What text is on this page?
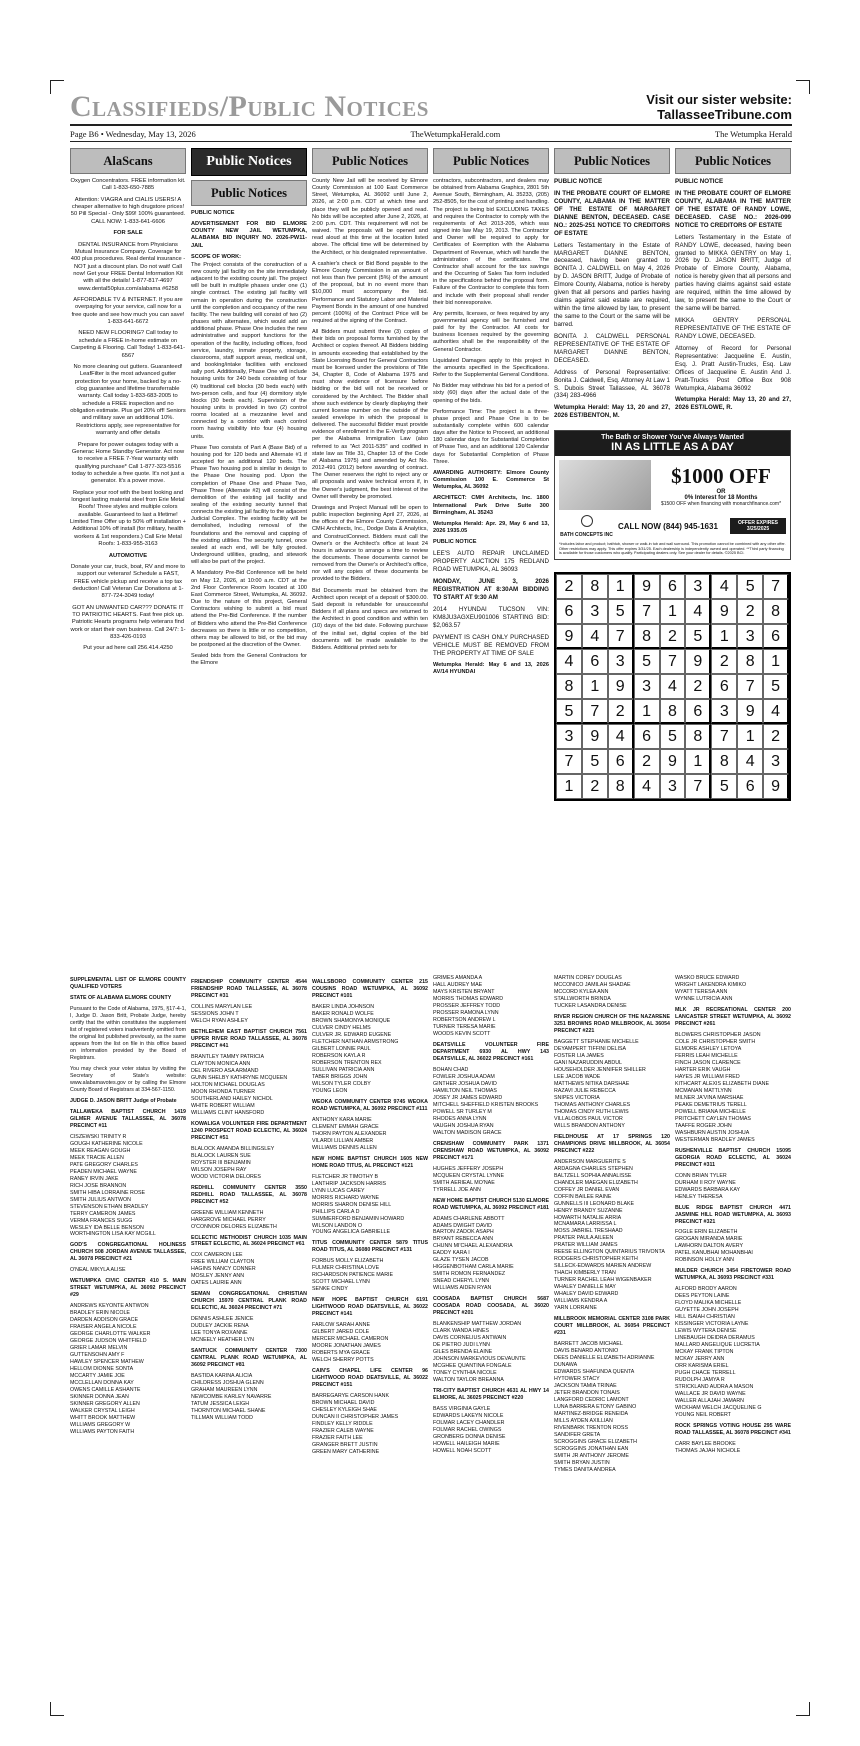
Classifieds/Public Notices	Visit our sister website:
TallasseeTribune.com
Page B6 • Wednesday, May 13, 2026	TheWetumpkaHerald.com	The Wetumpka Herald
AlaScans

Oxygen Concentrators. FREE information kit. Call 1-833-650-7885

Attention: VIAGRA and CIALIS USERS! A cheaper alternative to high drugstore prices! 50 Pill Special - Only $99! 100% guaranteed. CALL NOW: 1-833-641-6606

FOR SALE

DENTAL INSURANCE from Physicians Mutual Insurance Company. Coverage for 400 plus procedures. Real dental insurance - NOT just a discount plan. Do not wait! Call now! Get your FREE Dental Information Kit with all the details! 1-877-817-4697 www.dental50plus.com/alabama #6258

AFFORDABLE TV & INTERNET. If you are overpaying for your service, call now for a free quote and see how much you can save! 1-833-641-6672

NEED NEW FLOORING? Call today to schedule a FREE in-home estimate on Carpeting & Flooring. Call Today! 1-833-641-6567

No more cleaning out gutters. Guaranteed! LeafFilter is the most advanced gutter protection for your home, backed by a no-clog guarantee and lifetime transferrable warranty. Call today 1-833-683-2005 to schedule a FREE inspection and no obligation estimate. Plus get 20% off! Seniors and military save an additional 10%. Restrictions apply, see representative for warranty and offer details

Prepare for power outages today with a Generac Home Standby Generator. Act now to receive a FREE 7-Year warranty with qualifying purchase* Call 1-877-323-5516 today to schedule a free quote. It's not just a generator. It's a power move.

Replace your roof with the best looking and longest lasting material steel from Erie Metal Roofs! Three styles and multiple colors available. Guaranteed to last a lifetime! Limited Time Offer up to 50% off installation + Additional 10% off install (for military, health workers & 1st responders.) Call Erie Metal Roofs: 1-833-955-3163

AUTOMOTIVE

Donate your car, truck, boat, RV and more to support our veterans! Schedule a FAST, FREE vehicle pickup and receive a top tax deduction! Call Veteran Car Donations at 1-877-724-3049 today!

GOT AN UNWANTED CAR??? DONATE IT TO PATRIOTIC HEARTS. Fast free pick up. Patriotic Hearts programs help veterans find work or start their own business. Call 24/7: 1-833-426-0193

Put your ad here call 256.414.4250

Public Notices
Public Notices

PUBLIC NOTICE

ADVERTISEMENT FOR BID ELMORE COUNTY NEW JAIL WETUMPKA, ALABAMA BID INQUIRY NO. 2026-PW11-JAIL

SCOPE OF WORK:

The Project consists of the construction of a new county jail facility on the site immediately adjacent to the existing county jail. The project will be built in multiple phases under one (1) single contract. The existing jail facility will remain in operation during the construction until the completion and occupancy of the new facility. The new building will consist of two (2) phases with alternates, which would add an additional phase. Phase One includes the new administrative and support functions for the operation of the facility, including offices, food service, laundry, inmate property, storage, classrooms, staff support areas, medical unit, and booking/intake facilities with enclosed sally port. Additionally, Phase One will include housing units for 240 beds consisting of four (4) traditional cell blocks (30 beds each) with two-person cells, and four (4) dormitory style blocks (30 beds each). Supervision of the housing units is provided in two (2) control rooms located at a mezzanine level and connected by a corridor with each control room having visibility into four (4) housing units.

Phase Two consists of Part A (Base Bid) of a housing pod for 120 beds and Alternate #1 if accepted for an additional 120 beds. The Phase Two housing pod is similar in design to the Phase One housing pod. Upon the completion of Phase One and Phase Two, Phase Three (Alternate #2) will consist of the demolition of the existing jail facility and sealing of the existing security tunnel that connects the existing jail facility to the adjacent Judicial Complex. The existing facility will be demolished, including removal of the foundations and the removal and capping of the existing utilities. The security tunnel, once sealed at each end, will be fully grouted. Underground utilities, grading, and sitework will also be part of the project.

A Mandatory Pre-Bid Conference will be held on May 12, 2026, at 10:00 a.m. CDT at the 2nd Floor Conference Room located at 100 East Commerce Street, Wetumpka, AL 36092. Due to the nature of this project, General Contractors wishing to submit a bid must attend the Pre-Bid Conference. If the number of Bidders who attend the Pre-Bid Conference decreases so there is little or no competition, others may be allowed to bid, or the bid may be postponed at the discretion of the Owner.

Sealed bids from the General Contractors for the Elmore

Public Notices

County New Jail will be received by Elmore County Commission at 100 East Commerce Street, Wetumpka, AL 36092 until June 2, 2026, at 2:00 p.m. CDT at which time and place they will be publicly opened and read. No bids will be accepted after June 2, 2026, at 2:00 p.m. CDT. This requirement will not be waived. The proposals will be opened and read aloud at this time at the location listed above. The official time will be determined by the Architect, or his designated representative.

A cashier's check or Bid Bond payable to the Elmore County Commission in an amount of not less than five percent (5%) of the amount of the proposal, but in no event more than $10,000 must accompany the bid. Performance and Statutory Labor and Material Payment Bonds in the amount of one hundred percent (100%) of the Contract Price will be required at the signing of the Contract.

All Bidders must submit three (3) copies of their bids on proposal forms furnished by the Architect or copies thereof. All Bidders bidding in amounts exceeding that established by the State Licensing Board for General Contractors must be licensed under the provisions of Title 34, Chapter 8, Code of Alabama 1975 and must show evidence of licensure before bidding or the bid will not be received or considered by the Architect. The Bidder shall show such evidence by clearly displaying their current license number on the outside of the sealed envelope in which the proposal is delivered. The successful Bidder must provide evidence of enrollment in the E-Verify program per the Alabama Immigration Law (also referred to as "Act 2011-535" and codified in state law as Title 31, Chapter 13 of the Code of Alabama 1975) and amended by Act No. 2012-491 (2012) before awarding of contract. The Owner reserves the right to reject any or all proposals and waive technical errors if, in the Owner's judgment, the best interest of the Owner will thereby be promoted.

Drawings and Project Manual will be open to public inspection beginning April 27, 2026, at the offices of the Elmore County Commission, CMH Architects, Inc., Dodge Data & Analytics, and ConstructConnect. Bidders must call the Owner's or the Architect's office at least 24 hours in advance to arrange a time to review the documents. These documents cannot be removed from the Owner's or Architect's office, nor will any copies of these documents be provided to the Bidders.

Bid Documents must be obtained from the Architect upon receipt of a deposit of $300.00. Said deposit is refundable for unsuccessful Bidders if all plans and specs are returned to the Architect in good condition and within ten (10) days of the bid date. Following purchase of the initial set, digital copies of the bid documents will be made available to the Bidders. Additional printed sets for

Public Notices

contractors, subcontractors, and dealers may be obtained from Alabama Graphics, 2801 5th Avenue South, Birmingham, AL 35233, (205) 252-8505, for the cost of printing and handling. The project is being bid EXCLUDING TAXES and requires the Contractor to comply with the requirements of Act 2013-205, which was signed into law May 19, 2013. The Contractor and Owner will be required to apply for Certificates of Exemption with the Alabama Department of Revenue, which will handle the administration of the certificates. The Contractor shall account for the tax savings and the Occurring of Sales Tax form included in the specifications behind the proposal form. Failure of the Contractor to complete this form and include with their proposal shall render their bid nonresponsive.

Any permits, licenses, or fees required by any governmental agency will be furnished and paid for by the Contractor. All costs for business licenses required by the governing authorities shall be the responsibility of the General Contractor.

Liquidated Damages apply to this project in the amounts specified in the Specifications. Refer to the Supplemental General Conditions.

No Bidder may withdraw his bid for a period of sixty (60) days after the actual date of the opening of the bids.

Performance Time: The project is a three-phase project and Phase One is to be substantially complete within 600 calendar days after the Notice to Proceed, an additional 180 calendar days for Substantial Completion of Phase Two, and an additional 120 Calendar days for Substantial Completion of Phase Three.

AWARDING AUTHORITY: Elmore County Commission 100 E. Commerce St Wetumpka, AL 36092

ARCHITECT: CMH Architects, Inc. 1800 International Park Drive Suite 300 Birmingham, AL 35243

Wetumpka Herald: Apr. 29, May 6 and 13, 2026 1935.05

PUBLIC NOTICE

LEE'S AUTO REPAIR UNCLAIMED PROPERTY AUCTION 175 REDLAND ROAD WETUMPKA, AL 36093

MONDAY, JUNE 3, 2026 REGISTRATION AT 8:30AM BIDDING TO START AT 9:30 AM

2014 HYUNDAI TUCSON VIN: KM8JU3AGXEU901006 STARTING BID: $2,063.57

PAYMENT IS CASH ONLY PURCHASED VEHICLE MUST BE REMOVED FROM THE PROPERTY AT TIME OF SALE

Wetumpka Herald: May 6 and 13, 2026 AV/14 HYUNDAI

Public Notices

PUBLIC NOTICE

IN THE PROBATE COURT OF ELMORE COUNTY, ALABAMA IN THE MATTER OF THE ESTATE OF MARGARET DIANNE BENTON, DECEASED. CASE NO.: 2025-251 NOTICE TO CREDITORS OF ESTATE

Letters Testamentary in the Estate of MARGARET DIANNE BENTON, deceased, having been granted to BONITA J. CALDWELL on May 4, 2026 by D. JASON BRITT, Judge of Probate of Elmore County, Alabama, notice is hereby given that all persons and parties having claims against said estate are required, within the time allowed by law, to present the same to the Court or the same will be barred.

BONITA J. CALDWELL PERSONAL REPRESENTATIVE OF THE ESTATE OF MARGARET DIANNE BENTON, DECEASED.

Address of Personal Representative: Bonita J. Caldwell, Esq. Attorney At Law 1 S. Dubois Street Tallassee, AL 36078 (334) 283-4966

Wetumpka Herald: May 13, 20 and 27, 2026 EST/BENTON, M.

Public Notices

PUBLIC NOTICE

IN THE PROBATE COURT OF ELMORE COUNTY, ALABAMA IN THE MATTER OF THE ESTATE OF RANDY LOWE, DECEASED. CASE NO.: 2026-099 NOTICE TO CREDITORS OF ESTATE

Letters Testamentary in the Estate of RANDY LOWE, deceased, having been granted to MIKKA GENTRY on May 1, 2026 by D. JASON BRITT, Judge of Probate of Elmore County, Alabama, notice is hereby given that all persons and parties having claims against said estate are required, within the time allowed by law, to present the same to the Court or the same will be barred.

MIKKA GENTRY PERSONAL REPRESENTATIVE OF THE ESTATE OF RANDY LOWE, DECEASED.

Attorney of Record for Personal Representative: Jacqueline E. Austin, Esq. J. Pratt Austin-Trucks, Esq. Law Offices of Jacqueline E. Austin And J. Pratt-Trucks Post Office Box 908 Wetumpka, Alabama 36092

Wetumpka Herald: May 13, 20 and 27, 2026 EST/LOWE, R.

The Bath or Shower You've Always Wanted
IN AS LITTLE AS A DAY
$1000 OFF
OR
0% Interest for 18 Months
$1500 OFF when financing with monarchfinance.com*
BATH CONCEPTS INC
CALL NOW (844) 945-1631	OFFER EXPIRES 3/25/2025
*Includes labor and product; bathtub, shower or walk-in tub and wall surround. This promotion cannot be combined with any other offer. Other restrictions may apply. This offer expires 3/31/25. Each dealership is independently owned and operated. **Third party financing is available for those customers who qualify. Participating dealers only. See your dealer for details. ©2025 BCI.
2	8	1	9	6	3	4	5	7
6	3	5	7	1	4	9	2	8
9	4	7	8	2	5	1	3	6
4	6	3	5	7	9	2	8	1
8	1	9	3	4	2	6	7	5
5	7	2	1	8	6	3	9	4
3	9	4	6	5	8	7	1	2
7	5	6	2	9	1	8	4	3
1	2	8	4	3	7	5	6	9

SUPPLEMENTAL LIST OF ELMORE COUNTY QUALIFIED VOTERS

STATE OF ALABAMA ELMORE COUNTY

Pursuant to the Code of Alabama, 1975, §17-4-1, I, Judge D. Jason Britt, Probate Judge, hereby certify that the within constitutes the supplement list of registered voters inadvertently omitted from the original list published previously, as the same appears from the list on file in this office based on information provided by the Board of Registrars.

You may check your voter status by visiting the Secretary of State's website: www.alabamavotes.gov or by calling the Elmore County Board of Registrars at 334-567-1150.

JUDGE D. JASON BRITT Judge of Probate

TALLAWEKA BAPTIST CHURCH 1419 GILMER AVENUE TALLASSEE, AL 36078 PRECINCT #11

CISZEWSKI TRINITY R
GOUGH KATHERINE NICOLE
MEEK REAGAN GOUGH
MEEK TRACIE ALLEN
PATE GREGORY CHARLES
PEADEN MICHAEL WAYNE
RANEY IRVIN JAKE
RICH JOSE BRANNON
SMITH HIBA LORRAINE ROSE
SMITH JULIUS ANTWON
STEVENSON ETHAN BRADLEY
TERRY CAMERON JAMES
VERMA FRANCES SUGG
WESLEY IDA BELLE BENSON
WORTHINGTON LISA KAY MCGILL

GOD'S CONGREGATIONAL HOLINESS CHURCH 508 JORDAN AVENUE TALLASSEE, AL 36078 PRECINCT #21

O'NEAL MIKYLA ALISE

WETUMPKA CIVIC CENTER 410 S. MAIN STREET WETUMPKA, AL 36092 PRECINCT #29

ANDREWS KEYONTE ANTWON
BRADLEY ERIN NICOLE
DARDEN ADDISON GRACE
FRAISER ANGELA NICOLE
GEORGE CHARLOTTE WALKER
GEORGE JUDSON WHITFIELD
GRIER LAMAR MELVIN
GUTTENSOHN AMY F
HAWLEY SPENCER MATHEW
HELLOM DIONNE SONTA
MCCARTY JAMIE JOE
MCCLELLAN DONNA KAY
OWENS CAMILLE ASHANTE
SKINNER DONNA JEAN
SKINNER GREGORY ALLEN
WALKER CRYSTAL LEIGH
WHITT BROOK MATTHEW
WILLIAMS GREGORY W
WILLIAMS PAYTON FAITH

FRIENDSHIP COMMUNITY CENTER 4544 FRIENDSHIP ROAD TALLASSEE, AL 36078 PRECINCT #31

COLLINS MARYLAN LEE
SESSIONS JOHN T
WELCH RYAN ASHLEY

BETHLEHEM EAST BAPTIST CHURCH 7561 UPPER RIVER ROAD TALLASSEE, AL 36078 PRECINCT #41

BRANTLEY TAMMY PATRICIA
CLAYTON MONICA ANN
DEL RIVERO ASA ARMAND
GUNN SHELBY KATHRYNE MCQUEEN
HOLTON MICHAEL DOUGLAS
MOON RHONDA TURNER
SOUTHERLAND HAILEY NICHOL
WHITE ROBERT WILLIAM
WILLIAMS CLINT HANSFORD

KOWALIGA VOLUNTEER FIRE DEPARTMENT 1240 PROSPECT ROAD ECLECTIC, AL 36024 PRECINCT #51

BLALOCK AMANDA BILLINGSLEY
BLALOCK LAUREN SUE
ROYSTER III BENJAMIN
WILSON JOSEPH RAY
WOOD VICTORIA DELORES

REDHILL COMMUNITY CENTER 3550 REDHILL ROAD TALLASSEE, AL 36078 PRECINCT #52

GREENE WILLIAM KENNETH
HARGROVE MICHAEL PERRY
O'CONNOR DELORES ELIZABETH

ECLECTIC METHODIST CHURCH 1035 MAIN STREET ECLECTIC, AL 36024 PRECINCT #61

COX CAMERON LEE
FREE WILLIAM CLAYTON
HAGINS NANCY CONNER
MOSLEY JENNY ANN
OATES LAURIE ANN

SEMAN CONGREGATIONAL CHRISTIAN CHURCH 15970 CENTRAL PLANK ROAD ECLECTIC, AL 36024 PRECINCT #71

DENNIS ASHLEE JENICE
DUDLEY JACKIE RENA
LEE TONYA ROXANNE
MCNEELY HEATHER LYN

SANTUCK COMMUNITY CENTER 7300 CENTRAL PLANK ROAD WETUMPKA, AL 36092 PRECINCT #81

BASTIDA KARINA ALICIA
CHILDRESS JOSHUA GLENN
GRAHAM MAUREEN LYNN
NEWCOMBE KARLEY NAVARRE
TATUM JESSICA LEIGH
THORNTON MICHAEL SHANE
TILLMAN WILLIAM TODD

WALLSBORO COMMUNITY CENTER 215 COUSINS ROAD WETUMPKA, AL 36092 PRECINCT #101

BAKER LINDA JOHNSON
BAKER RONALD WOLFE
BROWN SHAMONYA MONIQUE
CULVER CINDY HELMS
CULVER JR. EDWARD EUGENE
FLETCHER NATHAN ARMSTRONG
GILBERT LONNIE PAUL
ROBERSON KAYLA R
ROBERSON TRENTON REX
SULLIVAN PATRICIA ANN
TABER BRIGGS JOHN
WILSON TYLER COLBY
YOUNG LEON

WEOKA COMMUNITY CENTER 9745 WEOKA ROAD WETUMPKA, AL 36092 PRECINCT #111

ANTHONY KARA MARIE
CLEMENT EMMAH GRACE
THORN PAYTON ALEXANDER
VILARDI LILLIAN AMBER
WILLIAMS DENNIS ALLEN

NEW HOME BAPTIST CHURCH 1605 NEW HOME ROAD TITUS, AL PRECINCT #121

FLETCHER JR TIMOTHY B
LANTHRIP JACKSON HARRIS
LYNN LUCAS CAREY
MORRIS RICHARD WAYNE
MORRIS SHARON DENISE HILL
PHILLIPS CARLA D
SUMMERFORD BENJAMIN HOWARD
WILSON LANDON O
YOUNG ANGELICA GABRIELLE

TITUS COMMUNITY CENTER 5879 TITUS ROAD TITUS, AL 36080 PRECINCT #131

FORBUS MOLLY ELIZABETH
FULMER CHRISTINA LOVE
RICHARDSON PATIENCE MARIE
SCOTT MICHAEL LYNN
SENKE CINDY

NEW HOPE BAPTIST CHURCH 6191 LIGHTWOOD ROAD DEATSVILLE, AL 36022 PRECINCT #141

FARLOW SARAH ANNE
GILBERT JARED COLE
MERCER MICHAEL CAMERON
MOORE JONATHAN JAMES
ROBERTS MYA GRACE
WELCH SHERRY POTTS

CAIN'S CHAPEL LIFE CENTER 96 LIGHTWOOD ROAD DEATSVILLE, AL 36022 PRECINCT #151

BARREGARYE CARSON HANK
BROWN MICHAEL DAVID
CHESLEY KYLEIGH SHAE
DUNCAN II CHRISTOPHER JAMES
FINDLEY KELLY RIDDLE
FRAZIER CALEB WAYNE
FRAZIER FAITH LEE
GRANGER BRETT JUSTIN
GREEN MARY CATHERINE
GRIMES AMANDA A
HALL AUDREY MAE
MAYS KRISTEN BRYANT
MORRIS THOMAS EDWARD
PROSSER JEFFREY TODD
PROSSER RAMONA LYNN
ROBERTSON ANDREW L
TURNER TERESA MARIE
WOODS KEVIN SCOTT

DEATSVILLE VOLUNTEER FIRE DEPARTMENT 6930 AL HWY 143 DEATSVILLE, AL 36022 PRECINCT #161

BOHAN CHAD
FOWLER JOSHUA ADAM
GINTHER JOSHUA DAVID
HAMILTON NEIL THOMAS
JOSEY JR JAMES EDWARD
MITCHELL SHEFFIELD KRISTEN BROOKS
POWELL SR TURLEY M
RHODES ANNA LYNN
VAUGHN JOSHUA RYAN
WALTON MADISON GRACE

CRENSHAW COMMUNITY PARK 1371 CRENSHAW ROAD WETUMPKA, AL 36092 PRECINCT #171

HUGHES JEFFERY JOSEPH
MCQUEEN CRYSTAL LYNNE
SMITH AERIEAL MO'NAE
TYRRELL JOE ANN

NEW HOME BAPTIST CHURCH 5130 ELMORE ROAD WETUMPKA, AL 36092 PRECINCT #181

ADAMS CHARLENE ABBOTT
ADAMS DWIGHT DAVID
BARTON ZADOK ASAPH
BRYANT REBECCA ANN
CHUNN MI'CHAEL ALEXANDRIA
EADDY KARA I
GLAZE TYSEN JACOB
HIGGENBOTHAM CARLA MARIE
SMITH ROMON FERNANDEZ
SNEAD CHERYL LYNN
WILLIAMS AIDEN RYAN

COOSADA BAPTIST CHURCH 5687 COOSADA ROAD COOSADA, AL 36020 PRECINCT #201

BLANKENSHIP MATTHEW JORDAN
CLARK WANDA HINES
DAVIS CORNELIUS ANTWAIN
DE PIETRO JUDI LYNN
GILES BRENDA ELAINE
JOHNSON MARKEVIOUS DEVAUNTE
MCGHEE QUANTINA FONGALE
TONEY CYNTHIA NICOLE
WALTON TAYLOR BREANNA

TRI-CITY BAPTIST CHURCH 4631 AL HWY 14 ELMORE, AL 36025 PRECINCT #220

BASS VIRGINIA GAYLE
EDWARDS LAKEYN NICOLE
FOLMAR LACEY CHANDLER
FOLMAR RACHEL OWINGS
GRONBERG DONNA DENISE
HOWELL HAILEIGH MARIE
HOWELL NOAH SCOTT
MARTIN COREY DOUGLAS
MCCONICO JAMILAH SHADAE
MCCORD KYLEA ANN
STALLWORTH BRINDA
TUCKER LASANDRA DENISE

RIVER REGION CHURCH OF THE NAZARENE 3251 BROWNS ROAD MILLBROOK, AL 36054 PRECINCT #221

BAGGETT STEPHANIE MICHELLE
DEYAMPERT TIFFINI DELISA
FOSTER LIA JAMES
GANI NAZARUDDIN ABDUL
HOUSEHOLDER JENNIFER SHILLER
LEE JACOB WADE
MATTHEWS NITIKA DARSHAE
RAZAVI JULIE REBECCA
SNIPES VICTORIA
THOMAS ANTHONY CHARLES
THOMAS CINDY RUTH LEWIS
VILLALOBOS PAUL VICTOR
WILLS BRANDON ANTHONY

FIELDHOUSE AT 17 SPRINGS 120 CHAMPIONS DRIVE MILLBROOK, AL 36054 PRECINCT #222

ANDERSON MARGUERITE S
ARDAGNA CHARLES STEPHEN
BALTZELL SOPHIA ANNALISSE
CHANDLER MAEGAN ELIZABETH
COFFEY JR DANIEL EVAN
COFFIN BAILEE RAINE
GUNNELLS III LEONARD BLAKE
HENRY BRANDY SUZANNE
HOWARTH NATALIE ARRIA
MCNAMARA LARRISSA L
MOSS JABRIEL TRESHAAD
PRATER PAULA AILEEN
PRATER WILLIAM JAMES
REESE ELLINGTON QUINTARIUS TRIVONTA
RODGERS CHRISTOPHER KEITH
SILLECK-EDWARDS MARIEN ANDREW
THACH KIMBERLY TRAN
TURNER RACHEL LEAH WIGENBAKER
WHALEY DANIELLE MAY
WHALEY DAVID EDWARD
WILLIAMS KENDRA A
YARN LORRAINE

MILLBROOK MEMORIAL CENTER 3108 PARK COURT MILLBROOK, AL 36054 PRECINCT #231

BARRETT JACOB MICHAEL
DAVIS BENARD ANTONIO
DEES DANIELLE ELIZABETH ADRIANNE
DUNAWA
EDWARDS SHAFUNDA QUENTA
HYTOWER STACY
JACKSON TAMIA TRINAE
JETER BRANDON TONAIS
LANGFORD CEDRIC LAMONT
LUNA BARRERA ETONY GABINO
MARTINEZ-BRIDGE RENEIDA
MILLS AYDEN AXILLIAN
RIVENBARK TRENTON ROSS
SANDIFER GRETA
SCROGGINS GRACE ELIZABETH
SCROGGINS JONATHAN EAN
SMITH JR ANTHONY JEROME
SMITH BRYAN JUSTIN
TYMES DANITA ANDREA
WASKO BRUCE EDWARD
WRIGHT LAKENDRA KIMIKO
WYATT TERESA ANN
WYNNE LUTRICIA ANN

MLK JR RECREATIONAL CENTER 200 LANCASTER STREET WETUMPKA, AL 36092 PRECINCT #261

BLOWERS CHRISTOPHER JASON
COLE JR CHRISTOPHER SMITH
ELMORE ASHLEY LETOYA
FERRIS LEAH MICHELLE
FINCH JASON CLARENCE
HARTER ERIK VAUGH
HAYES JR WILLIAM FRED
KITHCART ALEXIS ELIZABETH DIANE
MCMANAN MATTLYNN
MILNER JA'VINA MARSHAE
PEAKE DEMETRIUS TERELL
POWELL BRIANA MICHELLE
PRITCHETT CAYLEN THOMAS
TAAFFE ROGER JOHN
WASHBURN AUSTIN JOSHUA
WESTERMAN BRADLEY JAMES

RUSHENVILLE BAPTIST CHURCH 15095 GEORGIA ROAD ECLECTIC, AL 36024 PRECINCT #311

CONN BRIAN TYLER
DURHAM II ROY WAYNE
EDWARDS BARBARA KAY
HENLEY THERESA

BLUE RIDGE BAPTIST CHURCH 4471 JASMINE HILL ROAD WETUMPKA, AL 36093 PRECINCT #321

FOGLE ERIN ELIZABETH
GROGAN MIRANDA MARIE
LAWHORN DALTON AVERY
PATEL KANUBHAI MOHANBHAI
ROBINSON HOLLY ANN

MULDER CHURCH 3454 FIRETOWER ROAD WETUMPKA, AL 36093 PRECINCT #331

ALFORD BRODY AARON
DEES PEYTON LAINE
FLOYD MALIKA MICHELLE
GUYETTE JOHN JOSEPH
HILL ISAIAH CHRISTIAN
KISSINGER VICTORIA LAYNE
LEWIS WYTERA DENISE
LINEBAUGH DEIDRA DERAMUS
MALLARD ANGELIQUE LUCRETIA
MCKAY FRANK TIPTON
MCKAY JERRY ANN
ORR KARISMA ERIEL
PUGH CHACE TERRELL
RUDOLPH JAMYA R
STRICKLAND AUDRA A MASON
WALLACE JR DAVID WAYNE
WALLER ALLAJAH JAMARN
WICKHAM WELCH JACQUELINE G
YOUNG NEIL ROBERT

ROCK SPRINGS VOTING HOUSE 295 WARE ROAD TALLASSEE, AL 36078 PRECINCT #341

CARR BAYLEE BROOKE
THOMAS JAJAH NICHOLE
